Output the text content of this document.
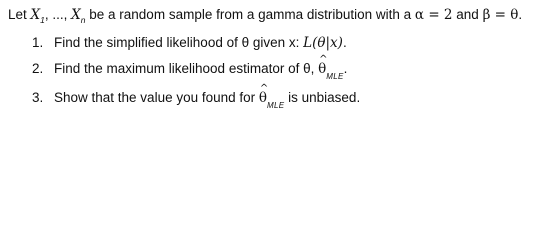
Let $X_1$, ..., $X_n$ be a random sample from a gamma distribution with a α = 2 and β = θ.
1. Find the simplified likelihood of θ given x: L(θ|x).
2. Find the maximum likelihood estimator of θ, ^ $\theta_{MLE}$.
3. Show that the value you found for ^ $\theta_{MLE}$ is unbiased.
